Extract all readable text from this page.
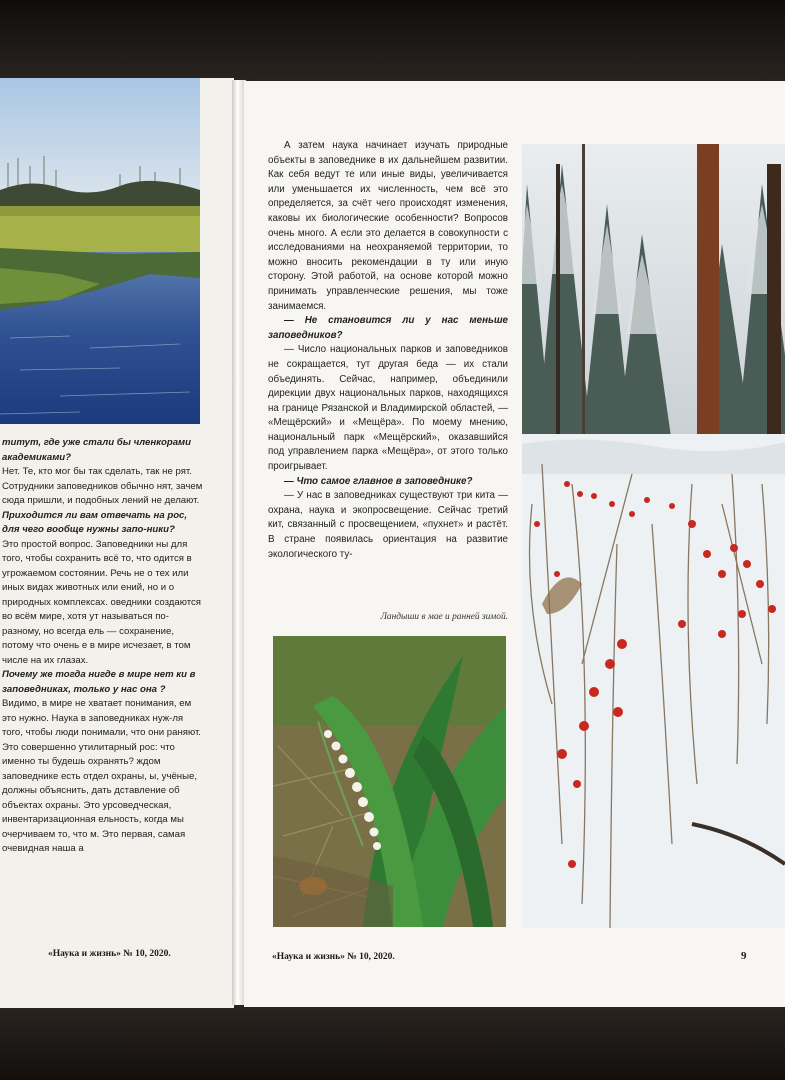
титут, где уже стали бы членкорами академиками?

Нет. Те, кто мог бы так сделать, так не рят. Сотрудники заповедников обычно нят, зачем сюда пришли, и подобных лений не делают.

Приходится ли вам отвечать на рос, для чего вообще нужны запо-ники?

Это простой вопрос. Заповедники ны для того, чтобы сохранить всё то, что одится в угрожаемом состоянии. Речь не о тех или иных видах животных или ений, но и о природных комплексах. оведники создаются во всём мире, хотя ут называться по-разному, но всегда ель — сохранение, потому что очень е в мире исчезает, в том числе на их глазах.

Почему же тогда нигде в мире нет ки в заповедниках, только у нас она ?

Видимо, в мире не хватает понимания, ем это нужно. Наука в заповедниках нуж-ля того, чтобы люди понимали, что они раняют. Это совершенно утилитарный рос: что именно ты будешь охранять? ждом заповеднике есть отдел охраны, ы, учёные, должны объяснить, дать дставление об объектах охраны. Это урсоведческая, инвентаризационная ельность, когда мы очерчиваем то, что м. Это первая, самая очевидная наша а

«Наука и жизнь» № 10, 2020.

А затем наука начинает изучать природные объекты в заповеднике в их дальнейшем развитии. Как себя ведут те или иные виды, увеличивается или уменьшается их численность, чем всё это определяется, за счёт чего происходят изменения, каковы их биологические особенности? Вопросов очень много. А если это делается в совокупности с исследованиями на неохраняемой территории, то можно вносить рекомендации в ту или иную сторону. Этой работой, на основе которой можно принимать управленческие решения, мы тоже занимаемся.

— Не становится ли у нас меньше заповедников?

— Число национальных парков и заповедников не сокращается, тут другая беда — их стали объединять. Сейчас, например, объединили дирекции двух национальных парков, находящихся на границе Рязанской и Владимирской областей, — «Мещёрский» и «Мещёра». По моему мнению, национальный парк «Мещёрский», оказавшийся под управлением парка «Мещёра», от этого только проигрывает.

— Что самое главное в заповеднике?

— У нас в заповедниках существуют три кита — охрана, наука и экопросвещение. Сейчас третий кит, связанный с просвещением, «пухнет» и растёт. В стране появилась ориентация на развитие экологического ту-

Ландыши в мае и ранней зимой.
«Наука и жизнь» № 10, 2020.	9
